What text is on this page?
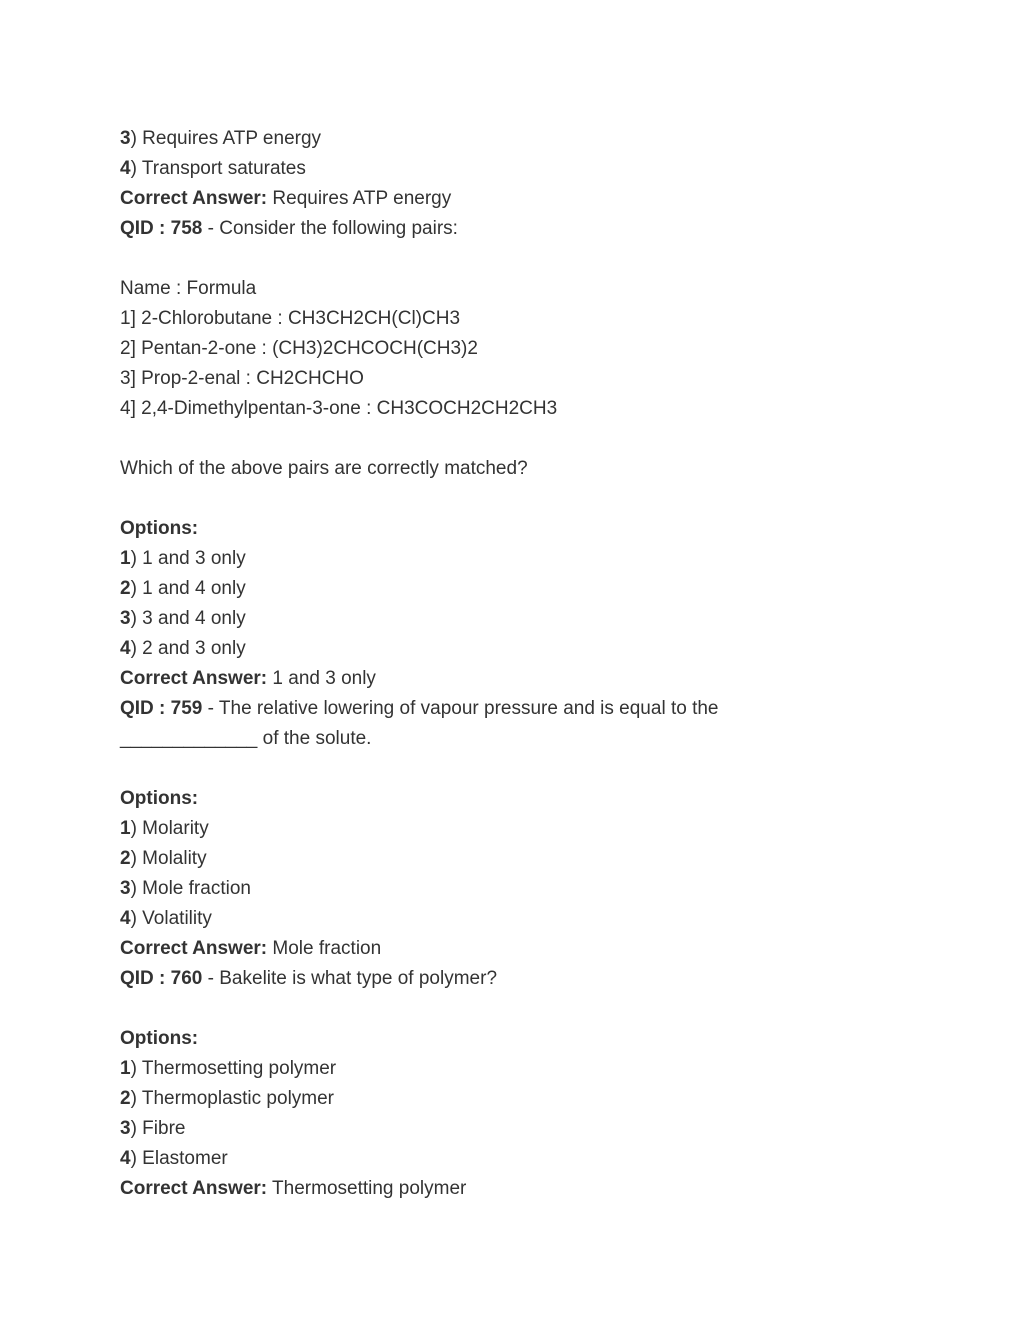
3) Requires ATP energy
4) Transport saturates
Correct Answer: Requires ATP energy
QID : 758 - Consider the following pairs:
Name : Formula
1] 2-Chlorobutane : CH3CH2CH(Cl)CH3
2] Pentan-2-one : (CH3)2CHCOCH(CH3)2
3] Prop-2-enal : CH2CHCHO
4] 2,4-Dimethylpentan-3-one : CH3COCH2CH2CH3
Which of the above pairs are correctly matched?
Options:
1) 1 and 3 only
2) 1 and 4 only
3) 3 and 4 only
4) 2 and 3 only
Correct Answer: 1 and 3 only
QID : 759 - The relative lowering of vapour pressure and is equal to the
_____________ of the solute.
Options:
1) Molarity
2) Molality
3) Mole fraction
4) Volatility
Correct Answer: Mole fraction
QID : 760 - Bakelite is what type of polymer?
Options:
1) Thermosetting polymer
2) Thermoplastic polymer
3) Fibre
4) Elastomer
Correct Answer: Thermosetting polymer
